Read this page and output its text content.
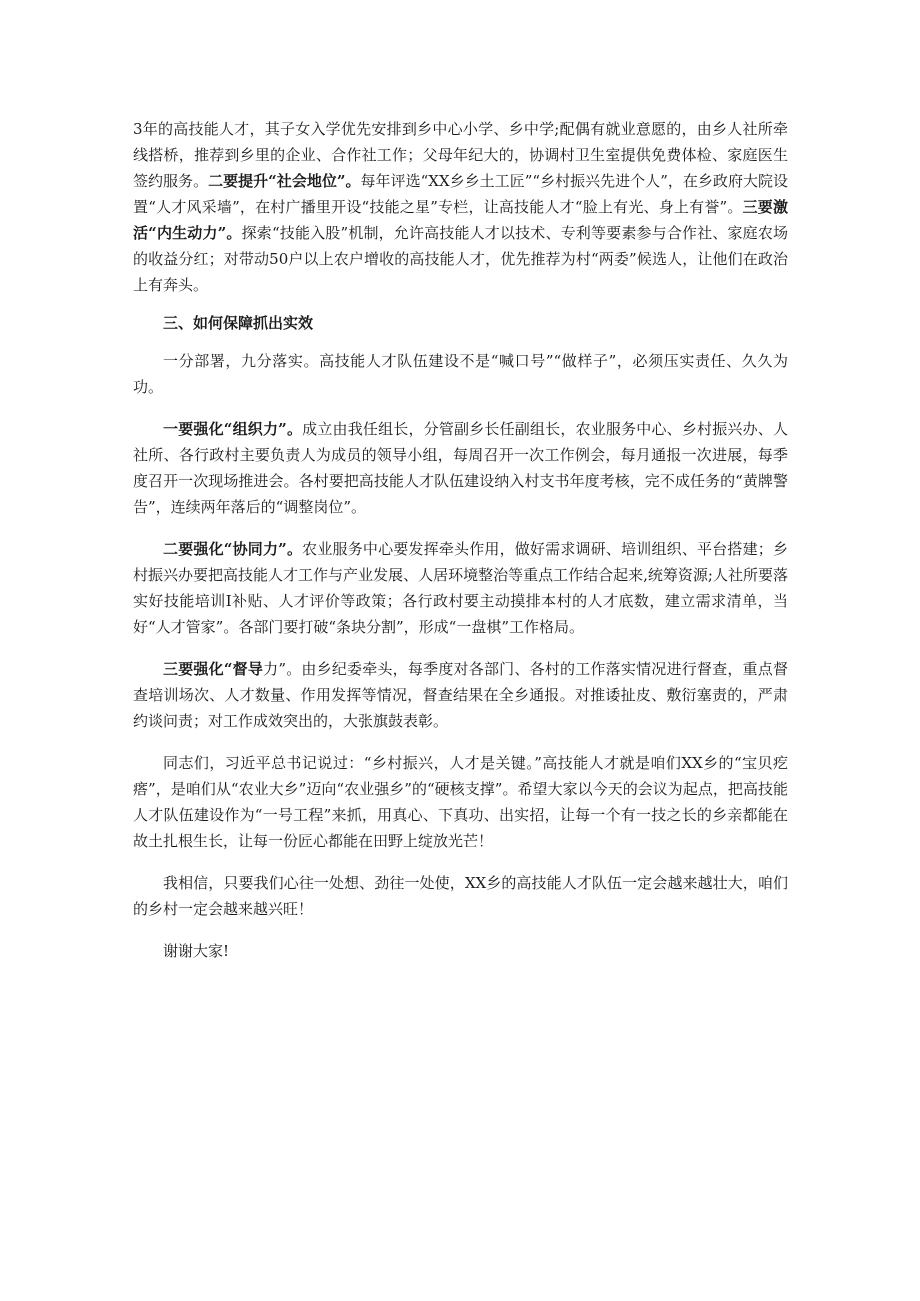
3年的高技能人才，其子女入学优先安排到乡中心小学、乡中学;配偶有就业意愿的，由乡人社所牵线搭桥，推荐到乡里的企业、合作社工作；父母年纪大的，协调村卫生室提供免费体检、家庭医生签约服务。二要提升“社会地位”。每年评选“XX乡乡土工匠”“乡村振兴先进个人”，在乡政府大院设置“人才风采墙”，在村广播里开设“技能之星”专栏，让高技能人才“脸上有光、身上有誉”。三要激活“内生动力”。探索“技能入股”机制，允许高技能人才以技术、专利等要素参与合作社、家庭农场的收益分红；对带动50户以上农户增收的高技能人才，优先推荐为村“两委”候选人，让他们在政治上有奔头。

三、如何保障抓出实效

一分部署，九分落实。高技能人才队伍建设不是“喊口号”“做样子”，必须压实责任、久久为功。

一要强化“组织力”。成立由我任组长，分管副乡长任副组长，农业服务中心、乡村振兴办、人社所、各行政村主要负责人为成员的领导小组，每周召开一次工作例会，每月通报一次进展，每季度召开一次现场推进会。各村要把高技能人才队伍建设纳入村支书年度考核，完不成任务的“黄牌警告”，连续两年落后的“调整岗位”。

二要强化“协同力”。农业服务中心要发挥牵头作用，做好需求调研、培训组织、平台搭建；乡村振兴办要把高技能人才工作与产业发展、人居环境整治等重点工作结合起来,统筹资源;人社所要落实好技能培训I补贴、人才评价等政策；各行政村要主动摸排本村的人才底数，建立需求清单，当好“人才管家”。各部门要打破“条块分割”，形成“一盘棋”工作格局。

三要强化“督导力”。由乡纪委牵头，每季度对各部门、各村的工作落实情况进行督查，重点督查培训场次、人才数量、作用发挥等情况，督查结果在全乡通报。对推诿扯皮、敷衍塞责的，严肃约谈问责；对工作成效突出的，大张旗鼓表彰。

同志们，习近平总书记说过：“乡村振兴，人才是关键。”高技能人才就是咱们XX乡的“宝贝疙瘩”，是咱们从“农业大乡”迈向“农业强乡”的“硬核支撑”。希望大家以今天的会议为起点，把高技能人才队伍建设作为“一号工程”来抓，用真心、下真功、出实招，让每一个有一技之长的乡亲都能在故土扎根生长，让每一份匠心都能在田野上绽放光芒！

我相信，只要我们心往一处想、劲往一处使，XX乡的高技能人才队伍一定会越来越壮大，咱们的乡村一定会越来越兴旺！

谢谢大家!
